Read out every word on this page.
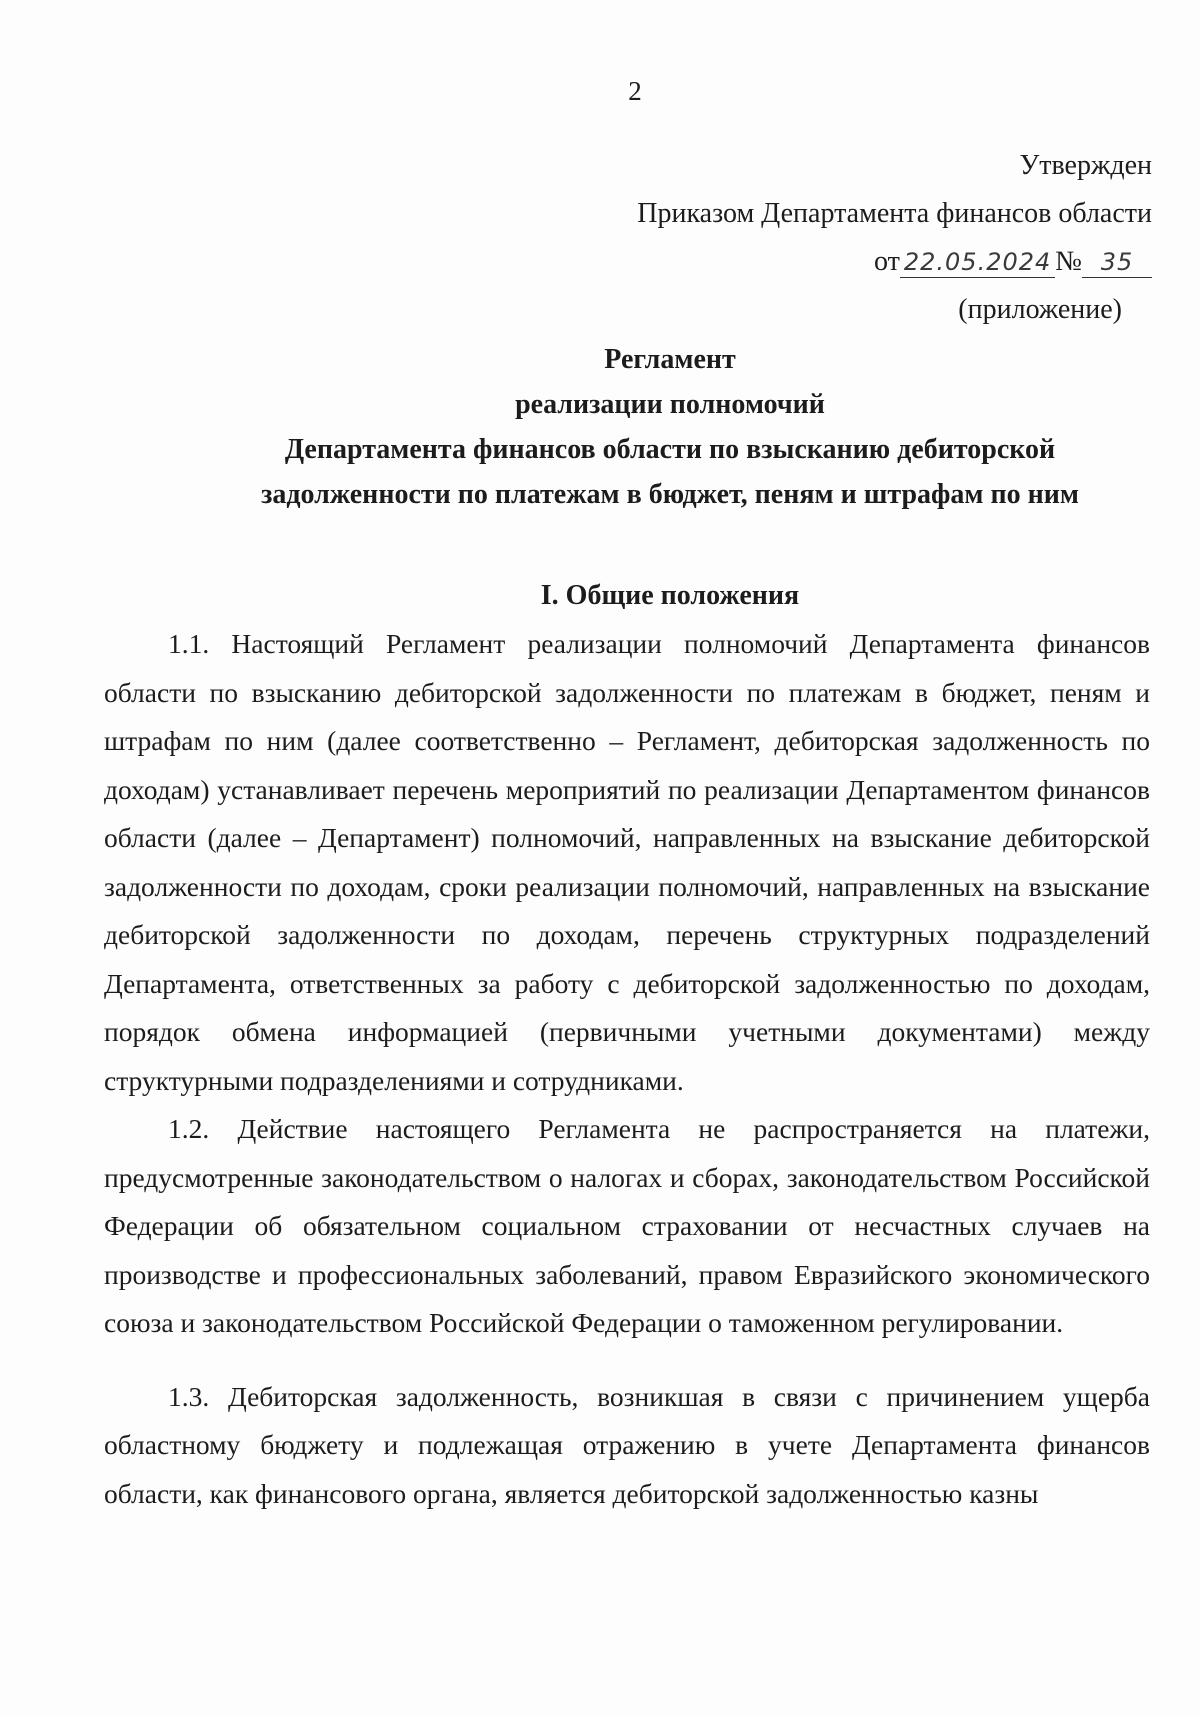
2
Утвержден
Приказом Департамента финансов области
от 22.05.2024 № 35
(приложение)
Регламент
реализации полномочий
Департамента финансов области по взысканию дебиторской
задолженности по платежам в бюджет, пеням и штрафам по ним
I. Общие положения

1.1. Настоящий Регламент реализации полномочий Департамента финансов области по взысканию дебиторской задолженности по платежам в бюджет, пеням и штрафам по ним (далее соответственно – Регламент, дебиторская задолженность по доходам) устанавливает перечень мероприятий по реализации Департаментом финансов области (далее – Департамент) полномочий, направленных на взыскание дебиторской задолженности по доходам, сроки реализации полномочий, направленных на взыскание дебиторской задолженности по доходам, перечень структурных подразделений Департамента, ответственных за работу с дебиторской задолженностью по доходам, порядок обмена информацией (первичными учетными документами) между структурными подразделениями и сотрудниками.

1.2. Действие настоящего Регламента не распространяется на платежи, предусмотренные законодательством о налогах и сборах, законодательством Российской Федерации об обязательном социальном страховании от несчастных случаев на производстве и профессиональных заболеваний, правом Евразийского экономического союза и законодательством Российской Федерации о таможенном регулировании.

1.3. Дебиторская задолженность, возникшая в связи с причинением ущерба областному бюджету и подлежащая отражению в учете Департамента финансов области, как финансового органа, является дебиторской задолженностью казны
